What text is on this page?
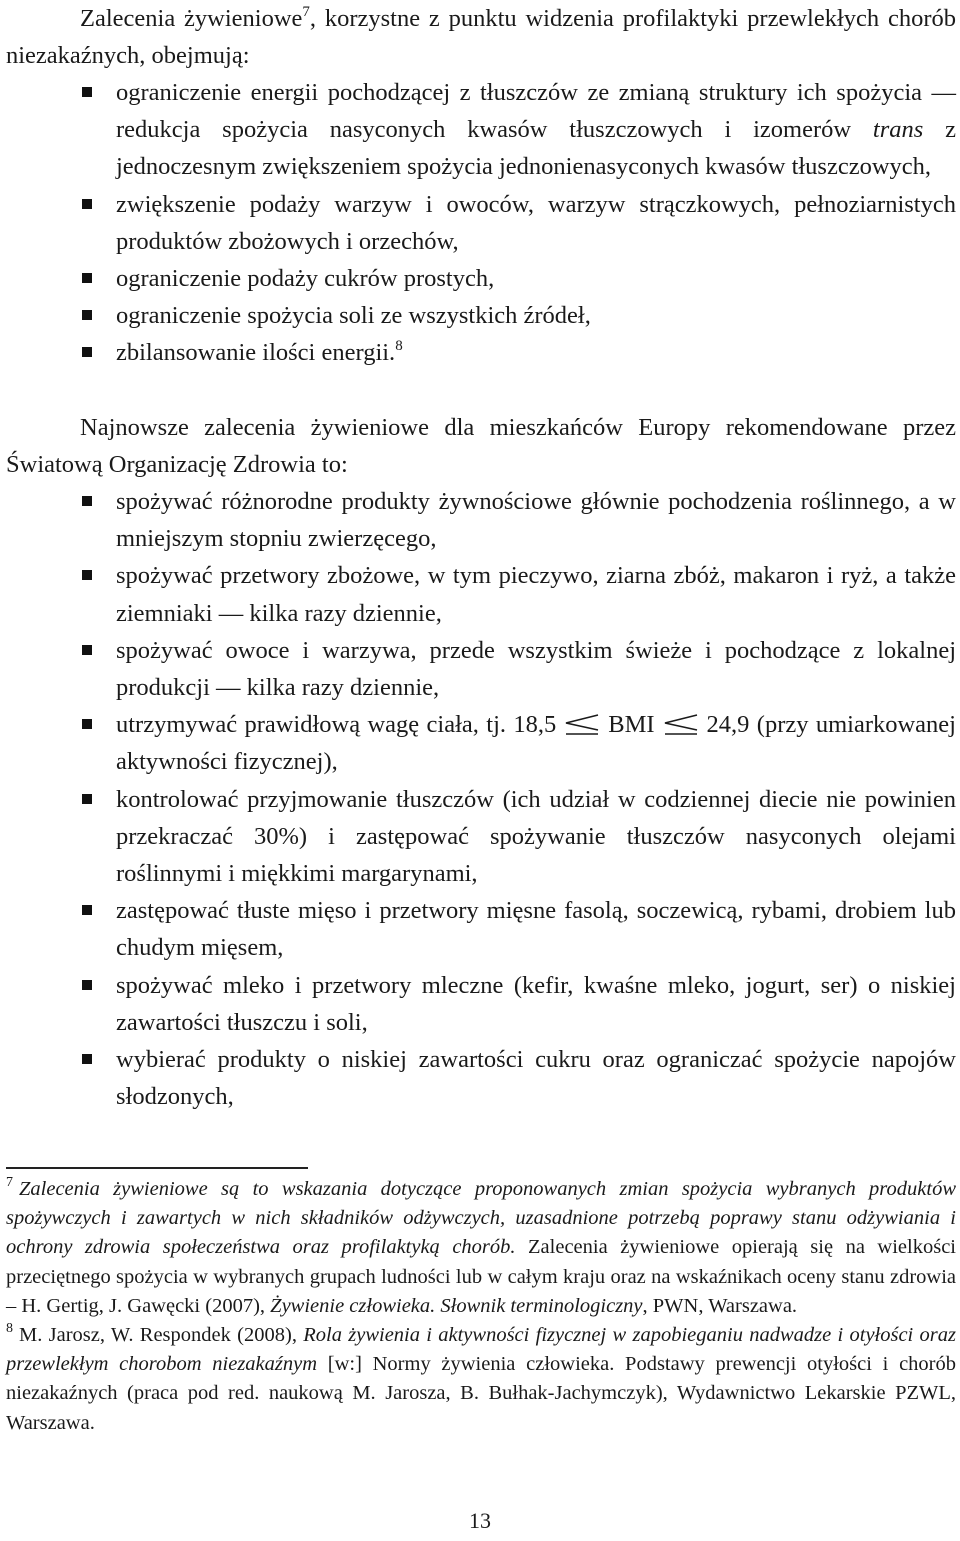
Zalecenia żywieniowe$^7$, korzystne z punktu widzenia profilaktyki przewlekłych chorób niezakaźnych, obejmują:

ograniczenie energii pochodzącej z tłuszczów ze zmianą struktury ich spożycia — redukcja spożycia nasyconych kwasów tłuszczowych i izomerów trans z jednoczesnym zwiększeniem spożycia jednonienasyconych kwasów tłuszczowych,
zwiększenie podaży warzyw i owoców, warzyw strączkowych, pełnoziarnistych produktów zbożowych i orzechów,
ograniczenie podaży cukrów prostych,
ograniczenie spożycia soli ze wszystkich źródeł,
zbilansowanie ilości energii.$^8$

Najnowsze zalecenia żywieniowe dla mieszkańców Europy rekomendowane przez Światową Organizację Zdrowia to:

spożywać różnorodne produkty żywnościowe głównie pochodzenia roślinnego, a w mniejszym stopniu zwierzęcego,
spożywać przetwory zbożowe, w tym pieczywo, ziarna zbóż, makaron i ryż, a także ziemniaki — kilka razy dziennie,
spożywać owoce i warzywa, przede wszystkim świeże i pochodzące z lokalnej produkcji — kilka razy dziennie,
utrzymywać prawidłową wagę ciała, tj. 18,5 BMI 24,9 (przy umiarkowanej aktywności fizycznej),
kontrolować przyjmowanie tłuszczów (ich udział w codziennej diecie nie powinien przekraczać 30%) i zastępować spożywanie tłuszczów nasyconych olejami roślinnymi i miękkimi margarynami,
zastępować tłuste mięso i przetwory mięsne fasolą, soczewicą, rybami, drobiem lub chudym mięsem,
spożywać mleko i przetwory mleczne (kefir, kwaśne mleko, jogurt, ser) o niskiej zawartości tłuszczu i soli,
wybierać produkty o niskiej zawartości cukru oraz ograniczać spożycie napojów słodzonych,

$^7$ Zalecenia żywieniowe są to wskazania dotyczące proponowanych zmian spożycia wybranych produktów spożywczych i zawartych w nich składników odżywczych, uzasadnione potrzebą poprawy stanu odżywiania i ochrony zdrowia społeczeństwa oraz profilaktyką chorób. Zalecenia żywieniowe opierają się na wielkości przeciętnego spożycia w wybranych grupach ludności lub w całym kraju oraz na wskaźnikach oceny stanu zdrowia – H. Gertig, J. Gawęcki (2007), Żywienie człowieka. Słownik terminologiczny, PWN, Warszawa.

$^8$ M. Jarosz, W. Respondek (2008), Rola żywienia i aktywności fizycznej w zapobieganiu nadwadze i otyłości oraz przewlekłym chorobom niezakaźnym [w:] Normy żywienia człowieka. Podstawy prewencji otyłości i chorób niezakaźnych (praca pod red. naukową M. Jarosza, B. Bułhak-Jachymczyk), Wydawnictwo Lekarskie PZWL, Warszawa.

13
